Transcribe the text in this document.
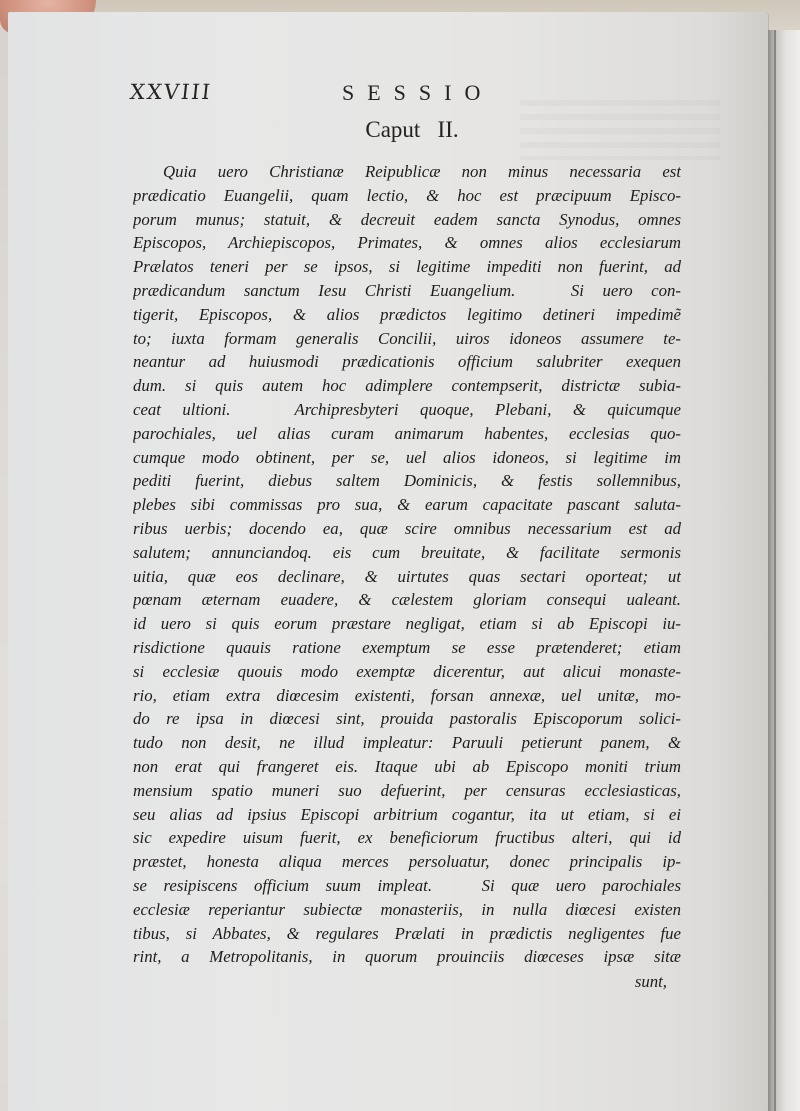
XXVIII	SESSIO
Caput   II.
Quia uero Christianæ Reipublicæ non minus necessaria est
prædicatio Euangelii, quam lectio, & hoc est præcipuum Episco-
porum munus; statuit, & decreuit eadem sancta Synodus, omnes
Episcopos, Archiepiscopos, Primates, & omnes alios ecclesiarum
Prælatos teneri per se ipsos, si legitime impediti non fuerint, ad
prædicandum sanctum Iesu Christi Euangelium.   Si uero con-
tigerit, Episcopos, & alios prædictos legitimo detineri impedimẽ
to; iuxta formam generalis Concilii, uiros idoneos assumere te-
neantur ad huiusmodi prædicationis officium salubriter exequen
dum. si quis autem hoc adimplere contempserit, districtæ subia-
ceat ultioni.   Archipresbyteri quoque, Plebani, & quicumque
parochiales, uel alias curam animarum habentes, ecclesias quo-
cumque modo obtinent, per se, uel alios idoneos, si legitime im
pediti fuerint, diebus saltem Dominicis, & festis sollemnibus,
plebes sibi commissas pro sua, & earum capacitate pascant saluta-
ribus uerbis; docendo ea, quæ scire omnibus necessarium est ad
salutem; annunciandoq. eis cum breuitate, & facilitate sermonis
uitia, quæ eos declinare, & uirtutes quas sectari oporteat; ut
pœnam æternam euadere, & cælestem gloriam consequi ualeant.
id uero si quis eorum præstare negligat, etiam si ab Episcopi iu-
risdictione quauis ratione exemptum se esse prætenderet; etiam
si ecclesiæ quouis modo exemptæ dicerentur, aut alicui monaste-
rio, etiam extra diœcesim existenti, forsan annexæ, uel unitæ, mo-
do re ipsa in diœcesi sint, prouida pastoralis Episcoporum solici-
tudo non desit, ne illud impleatur: Paruuli petierunt panem, &
non erat qui frangeret eis. Itaque ubi ab Episcopo moniti trium
mensium spatio muneri suo defuerint, per censuras ecclesiasticas,
seu alias ad ipsius Episcopi arbitrium cogantur, ita ut etiam, si ei
sic expedire uisum fuerit, ex beneficiorum fructibus alteri, qui id
præstet, honesta aliqua merces persoluatur, donec principalis ip-
se resipiscens officium suum impleat.   Si quæ uero parochiales
ecclesiæ reperiantur subiectæ monasteriis, in nulla diœcesi existen
tibus, si Abbates, & regulares Prælati in prædictis negligentes fue
rint, a Metropolitanis, in quorum prouinciis diœceses ipsæ sitæ
sunt,
